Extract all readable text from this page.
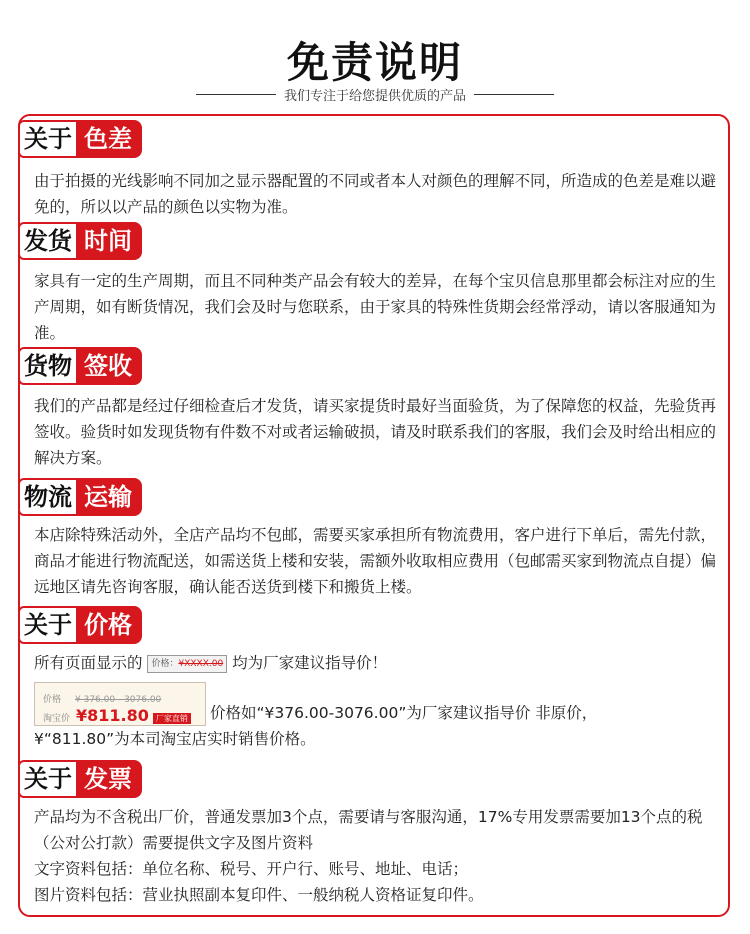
免责说明
我们专注于给您提供优质的产品
关于 色差
由于拍摄的光线影响不同加之显示器配置的不同或者本人对颜色的理解不同，所造成的色差是难以避免的，所以以产品的颜色以实物为准。
发货 时间
家具有一定的生产周期，而且不同种类产品会有较大的差异，在每个宝贝信息那里都会标注对应的生产周期，如有断货情况，我们会及时与您联系，由于家具的特殊性货期会经常浮动，请以客服通知为准。
货物 签收
我们的产品都是经过仔细检查后才发货，请买家提货时最好当面验货，为了保障您的权益，先验货再签收。验货时如发现货物有件数不对或者运输破损，请及时联系我们的客服，我们会及时给出相应的解决方案。
物流 运输
本店除特殊活动外，全店产品均不包邮，需要买家承担所有物流费用，客户进行下单后，需先付款，商品才能进行物流配送，如需送货上楼和安装，需额外收取相应费用（包邮需买家到物流点自提）偏远地区请先咨询客服，确认能否送货到楼下和搬货上楼。
关于 价格
所有页面显示的 价格：¥XXXX.00 均为厂家建议指导价！
价格 ¥ 376.00 - 3076.00
淘宝价 ¥811.80 厂家直销 价格如“¥376.00-3076.00”为厂家建议指导价 非原价，
¥“811.80”为本司淘宝店实时销售价格。
关于 发票
产品均为不含税出厂价，普通发票加3个点，需要请与客服沟通，17%专用发票需要加13个点的税（公对公打款）需要提供文字及图片资料
文字资料包括：单位名称、税号、开户行、账号、地址、电话；
图片资料包括：营业执照副本复印件、一般纳税人资格证复印件。
